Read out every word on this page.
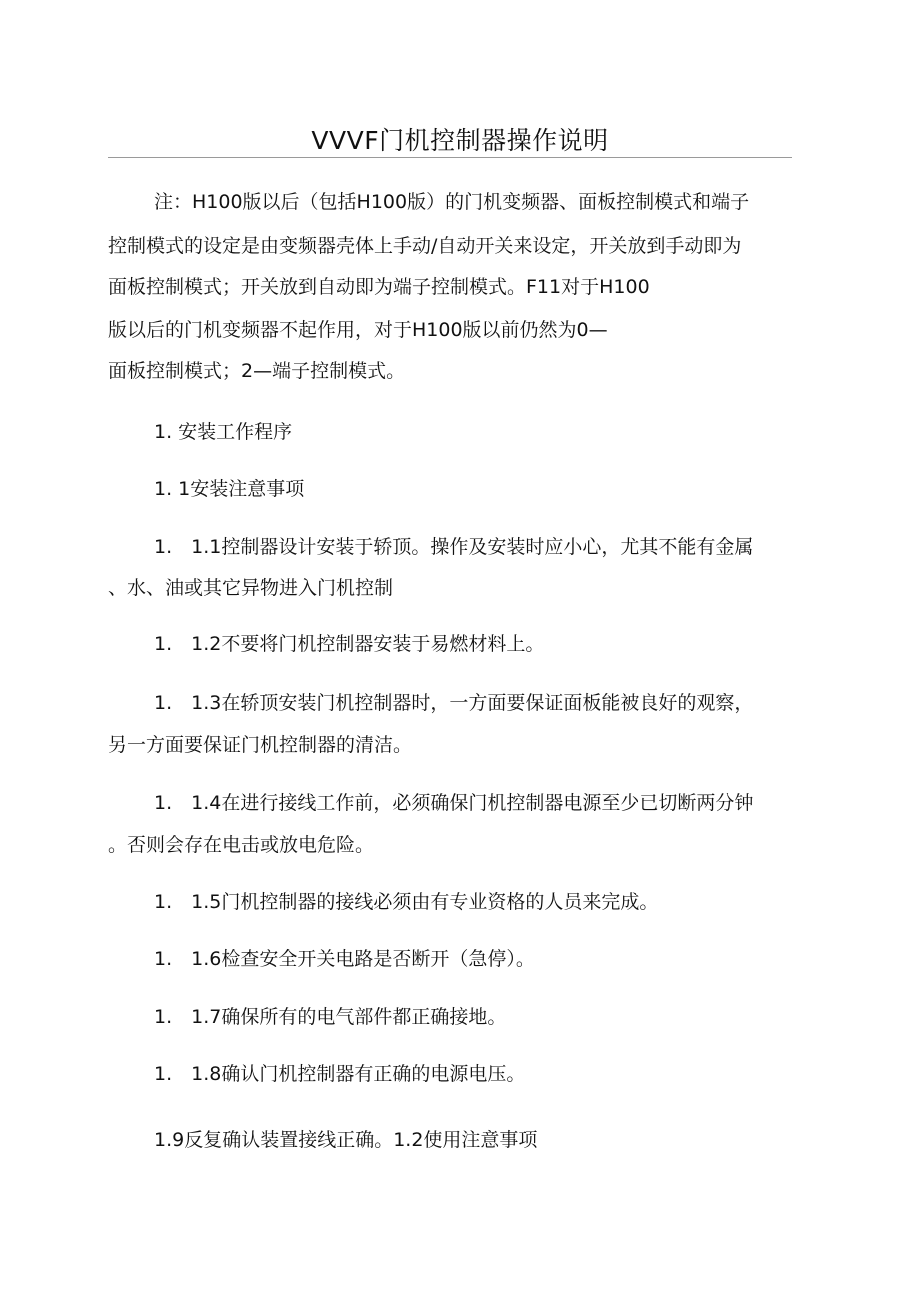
VVVF门机控制器操作说明
注：H100版以后（包括H100版）的门机变频器、面板控制模式和端子
控制模式的设定是由变频器壳体上手动/自动开关来设定，开关放到手动即为
面板控制模式；开关放到自动即为端子控制模式。F11对于H100
版以后的门机变频器不起作用，对于H100版以前仍然为0—
面板控制模式；2—端子控制模式。
1. 安装工作程序
1. 1安装注意事项
1.　1.1控制器设计安装于轿顶。操作及安装时应小心，尤其不能有金属
、水、油或其它异物进入门机控制
1.　1.2不要将门机控制器安装于易燃材料上。
1.　1.3在轿顶安装门机控制器时，一方面要保证面板能被良好的观察，
另一方面要保证门机控制器的清洁。
1.　1.4在进行接线工作前，必须确保门机控制器电源至少已切断两分钟
。否则会存在电击或放电危险。
1.　1.5门机控制器的接线必须由有专业资格的人员来完成。
1.　1.6检查安全开关电路是否断开（急停）。
1.　1.7确保所有的电气部件都正确接地。
1.　1.8确认门机控制器有正确的电源电压。
1.9反复确认装置接线正确。1.2使用注意事项
